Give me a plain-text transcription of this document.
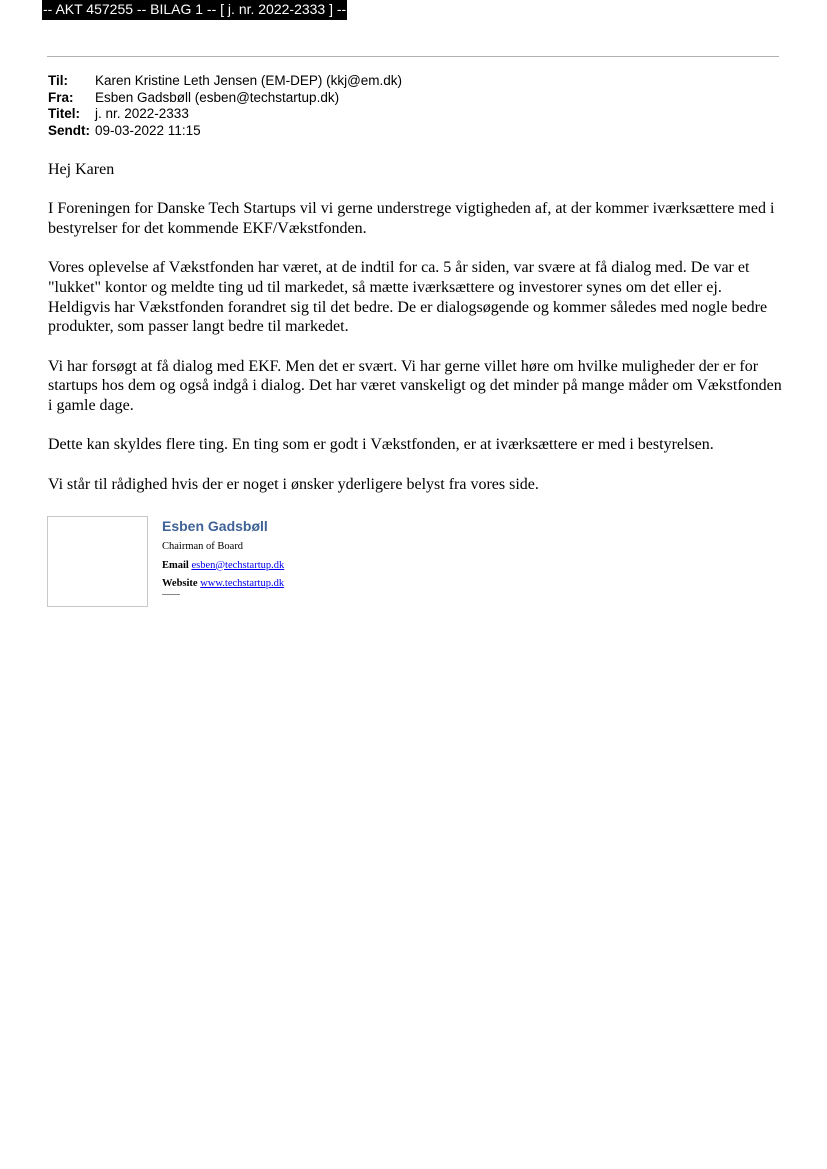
-- AKT 457255 -- BILAG 1 -- [ j. nr. 2022-2333 ] --
Til:	Karen Kristine Leth Jensen (EM-DEP) (kkj@em.dk)
Fra:	Esben Gadsbøll (esben@techstartup.dk)
Titel:	j. nr. 2022-2333
Sendt: 09-03-2022 11:15

Hej Karen

I Foreningen for Danske Tech Startups vil vi gerne understrege vigtigheden af, at der kommer iværksættere med i bestyrelser for det kommende EKF/Vækstfonden.

Vores oplevelse af Vækstfonden har været, at de indtil for ca. 5 år siden, var svære at få dialog med. De var et "lukket" kontor og meldte ting ud til markedet, så mætte iværksættere og investorer synes om det eller ej. Heldigvis har Vækstfonden forandret sig til det bedre. De er dialogsøgende og kommer således med nogle bedre produkter, som passer langt bedre til markedet.

Vi har forsøgt at få dialog med EKF. Men det er svært. Vi har gerne villet høre om hvilke muligheder der er for startups hos dem og også indgå i dialog. Det har været vanskeligt og det minder på mange måder om Vækstfonden i gamle dage.

Dette kan skyldes flere ting. En ting som er godt i Vækstfonden, er at iværksættere er med i bestyrelsen.

Vi står til rådighed hvis der er noget i ønsker yderligere belyst fra vores side.

Esben Gadsbøll
Chairman of Board
Email esben@techstartup.dk
Website www.techstartup.dk
